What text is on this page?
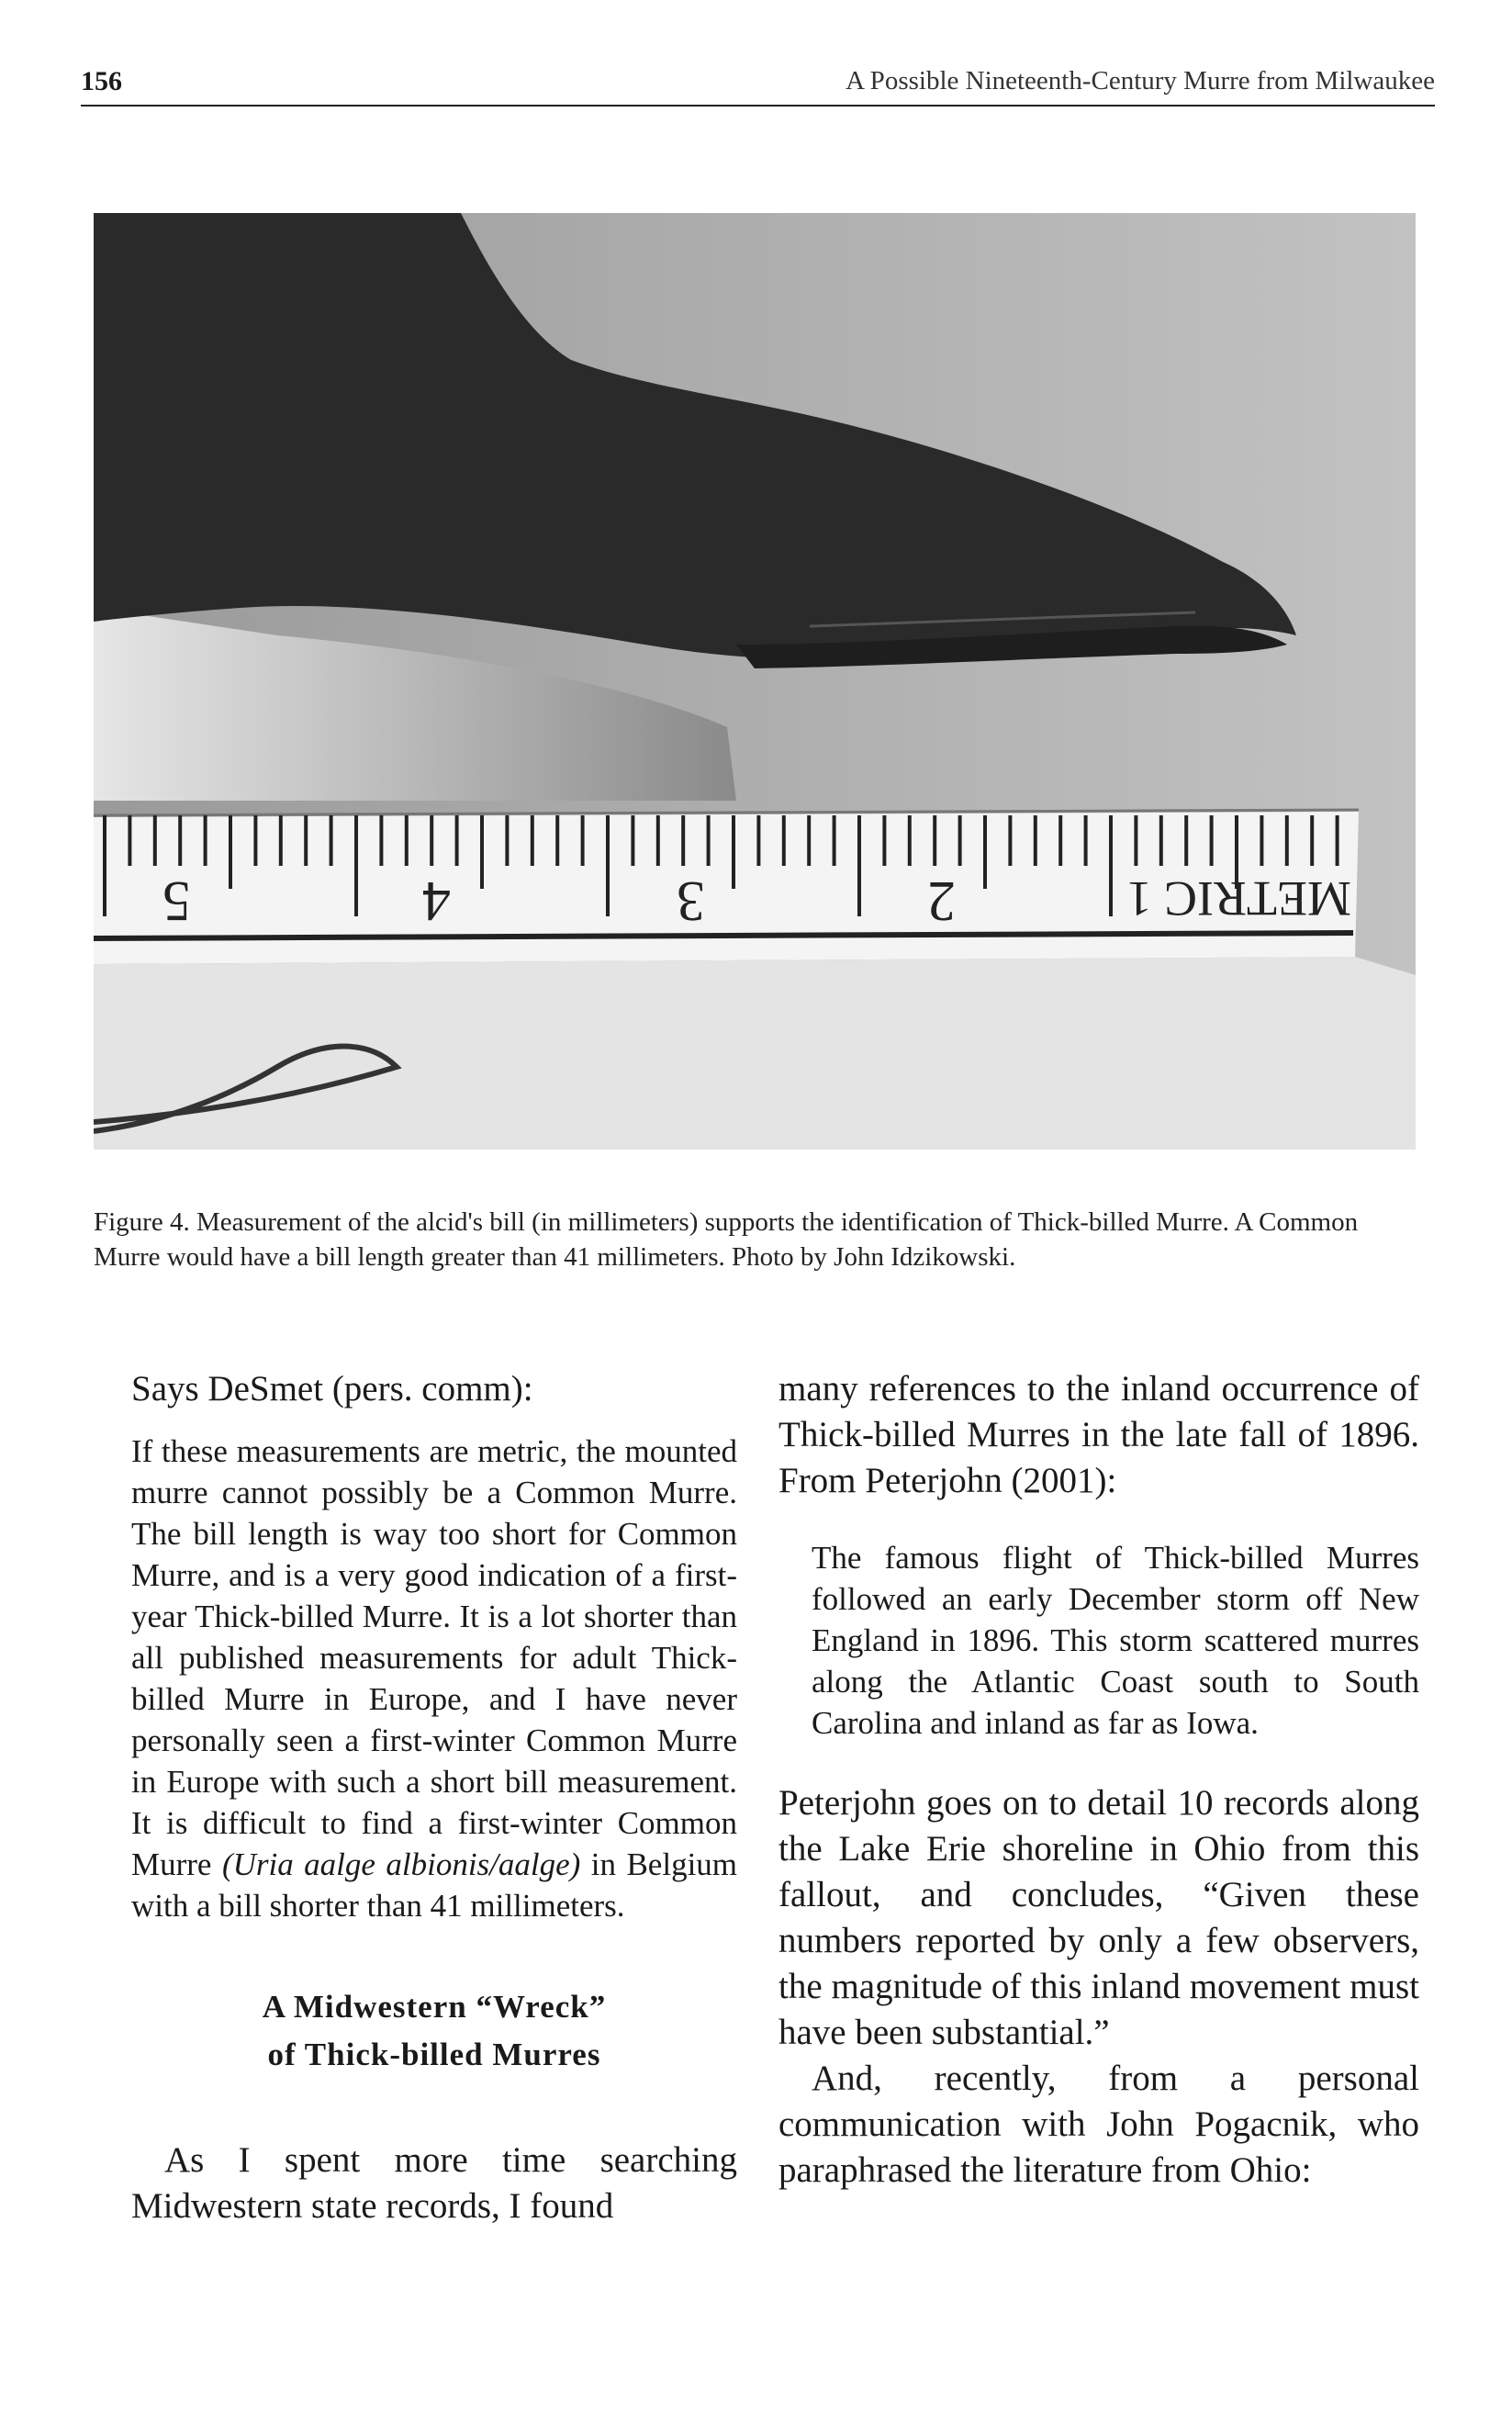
156	A Possible Nineteenth-Century Murre from Milwaukee
5	4	3	2	METRIC 1
Figure 4. Measurement of the alcid's bill (in millimeters) supports the identification of Thick-billed Murre. A Common Murre would have a bill length greater than 41 millimeters. Photo by John Idzikowski.

Says DeSmet (pers. comm):

If these measurements are metric, the mounted murre cannot possibly be a Common Murre. The bill length is way too short for Common Murre, and is a very good indication of a first-year Thick-billed Murre. It is a lot shorter than all published measurements for adult Thick-billed Murre in Europe, and I have never personally seen a first-winter Common Murre in Europe with such a short bill measurement. It is difficult to find a first-winter Common Murre (Uria aalge albionis/aalge) in Belgium with a bill shorter than 41 millimeters.

A Midwestern “Wreck”
of Thick-billed Murres

As I spent more time searching Midwestern state records, I found

many references to the inland occurrence of Thick-billed Murres in the late fall of 1896. From Peterjohn (2001):

The famous flight of Thick-billed Murres followed an early December storm off New England in 1896. This storm scattered murres along the Atlantic Coast south to South Carolina and inland as far as Iowa.

Peterjohn goes on to detail 10 records along the Lake Erie shoreline in Ohio from this fallout, and concludes, “Given these numbers reported by only a few observers, the magnitude of this inland movement must have been substantial.”

And, recently, from a personal communication with John Pogacnik, who paraphrased the literature from Ohio:
